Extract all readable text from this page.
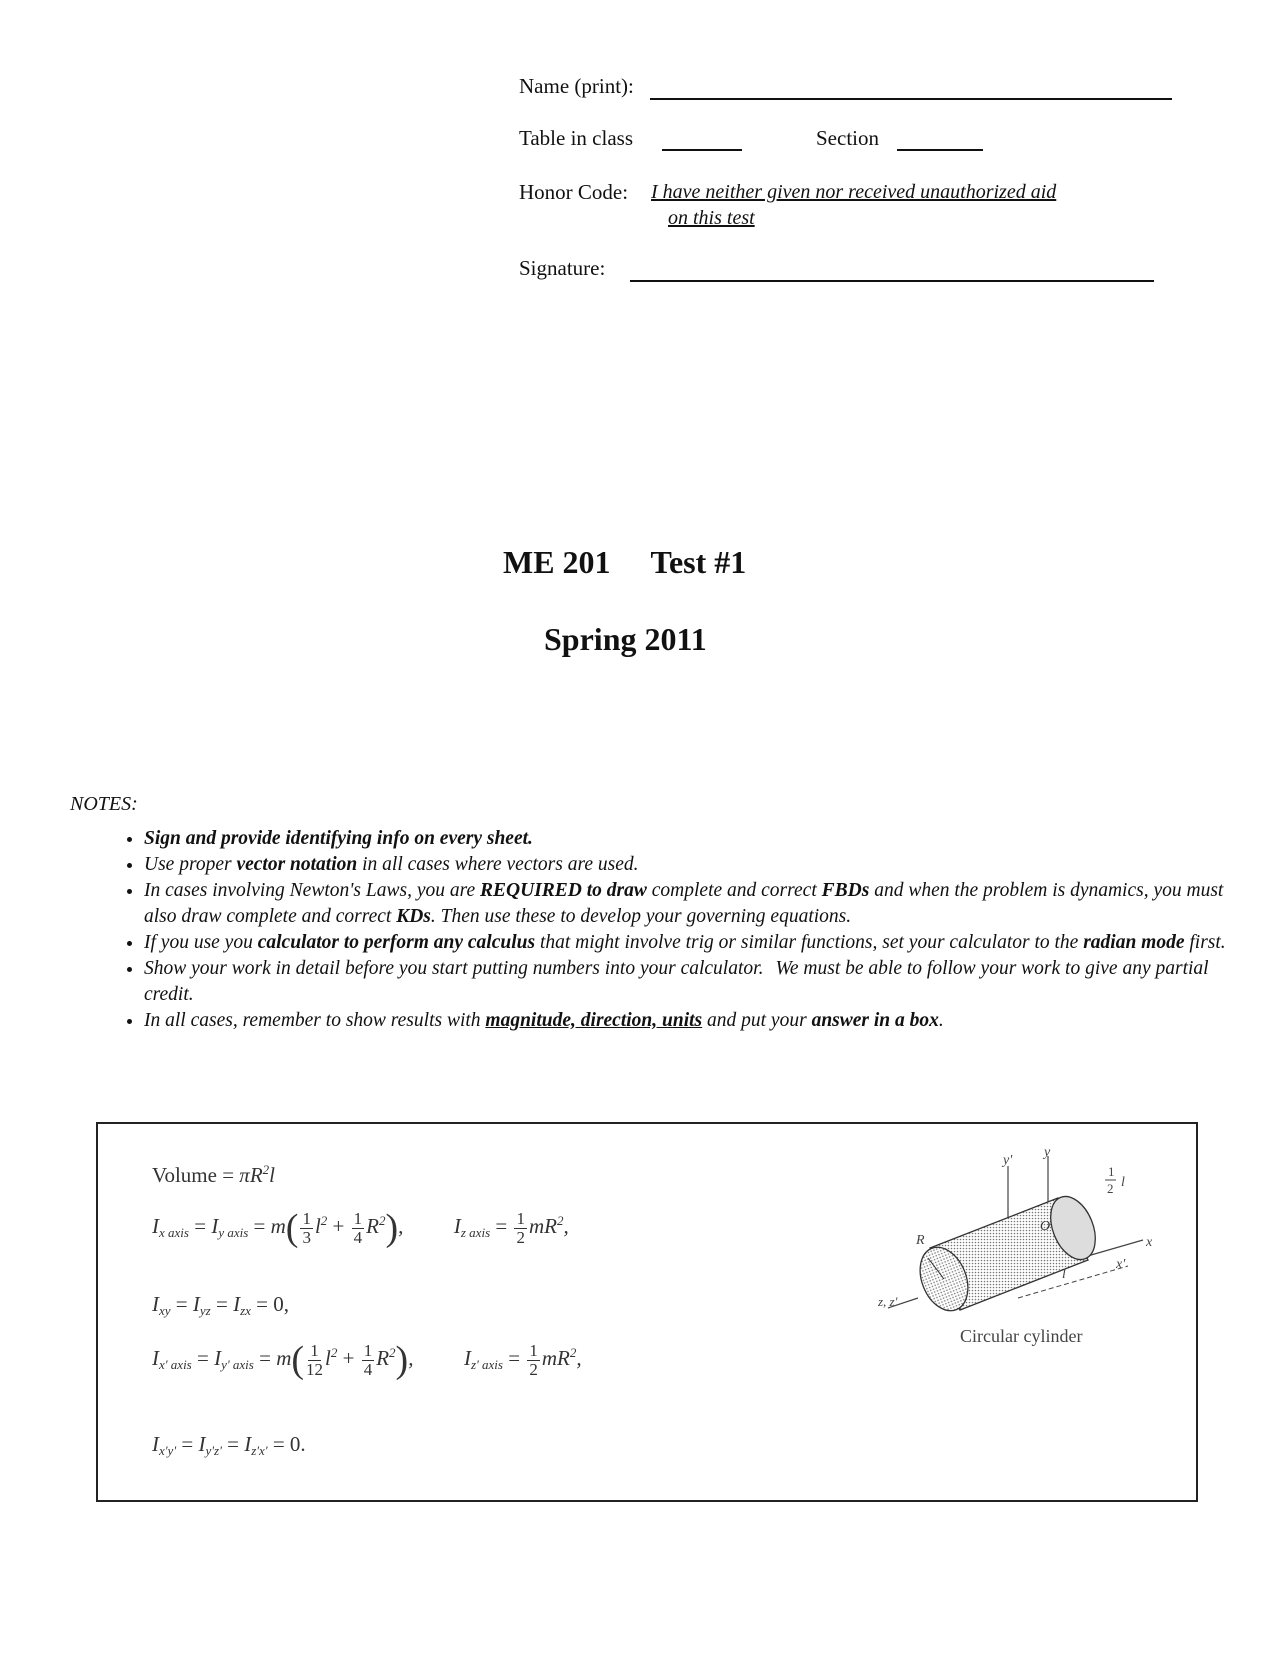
Name (print):
Table in class	Section
Honor Code: I have neither given nor received unauthorized aid
on this test
Signature:
ME 201 Test #1
Spring 2011
NOTES:
• Sign and provide identifying info on every sheet.
• Use proper vector notation in all cases where vectors are used.
• In cases involving Newton's Laws, you are REQUIRED to draw complete and correct FBDs and when the problem is dynamics, you must also draw complete and correct KDs. Then use these to develop your governing equations.
• If you use you calculator to perform any calculus that might involve trig or similar functions, set your calculator to the radian mode first.
• Show your work in detail before you start putting numbers into your calculator. We must be able to follow your work to give any partial credit.
• In all cases, remember to show results with magnitude, direction, units and put your answer in a box.
Volume = $\pi R^2l$
$I_{x axis} = I_{y axis} = m( \frac{1}{3} l^2 + \frac{1}{4} R^2)$,  $I_{z axis} = \frac{1}{2} mR^2$,
$I_{xy} = I_{yz} = I_{zx} = 0$,
$I_{x' axis} = I_{y' axis} = m( \frac{1}{12} l^2 + \frac{1}{4} R^2)$,  $I_{z' axis} = \frac{1}{2} mR^2$,
$I_{x'y'} = I_{y'z'} = I_{z'x'} = 0$.
y'
y
1
2 l
R
O
x
x'
l
z, z'
Circular cylinder
